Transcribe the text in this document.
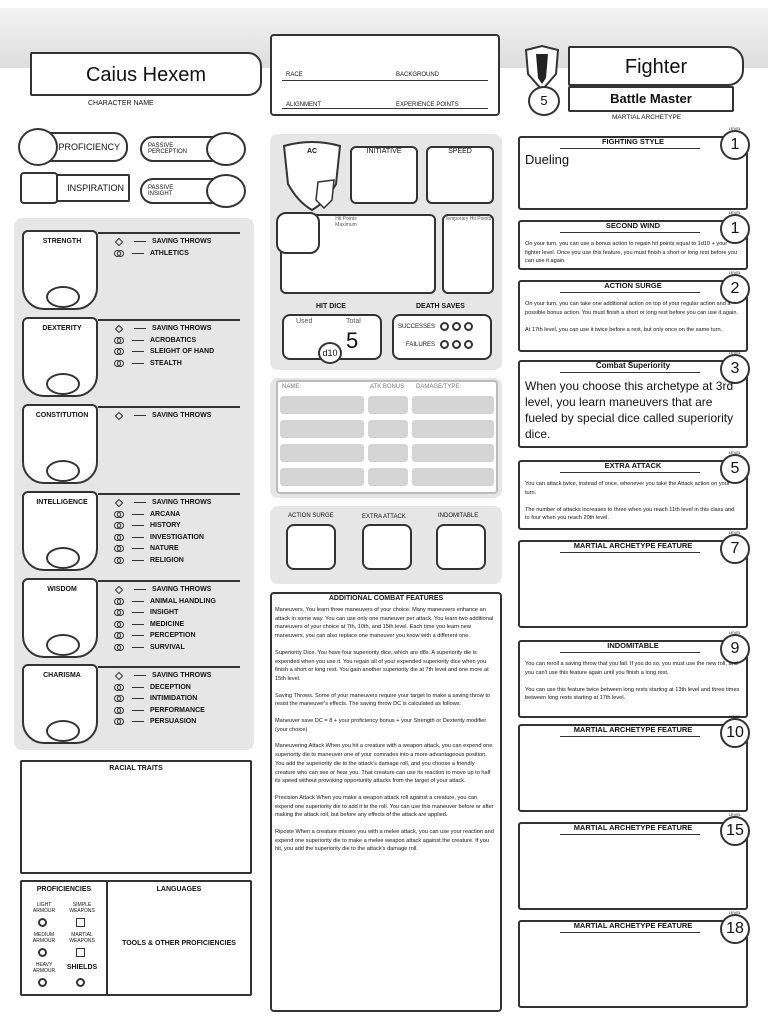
Caius Hexem
CHARACTER NAME
RACE	BACKGROUND
ALIGNMENT	EXPERIENCE POINTS
Fighter
5	Battle Master
MARTIAL ARCHETYPE
PROFICIENCY
INSPIRATION
PASSIVE PERCEPTION
PASSIVE INSIGHT
STRENGTH	SAVING THROWS
ATHLETICS
DEXTERITY	SAVING THROWS
ACROBATICS
SLEIGHT OF HAND
STEALTH
CONSTITUTION	SAVING THROWS
INTELLIGENCE	SAVING THROWS
ARCANA
HISTORY
INVESTIGATION
NATURE
RELIGION
WISDOM	SAVING THROWS
ANIMAL HANDLING
INSIGHT
MEDICINE
PERCEPTION
SURVIVAL
CHARISMA	SAVING THROWS
DECEPTION
INTIMIDATION
PERFORMANCE
PERSUASION
RACIAL TRAITS
PROFICIENCIES
LIGHT ARMOUR
SIMPLE WEAPONS
MEDIUM ARMOUR
MARTIAL WEAPONS
HEAVY ARMOUR	SHIELDS
LANGUAGES
TOOLS & OTHER PROFICIENCIES
AC	INITIATIVE	SPEED
Hit Points Maximum
Temporary Hit Points
HIT DICE	DEATH SAVES
Used	Total
5
d10
SUCCESSES
FAILURES
NAME	ATK BONUS DAMAGE/TYPE
ACTION SURGE	EXTRA ATTACK	INDOMITABLE
ADDITIONAL COMBAT FEATURES

Maneuvers. You learn three maneuvers of your choice. Many maneuvers enhance an attack in some way. You can use only one maneuver per attack. You learn two additional maneuvers of your choice at 7th, 10th, and 15th level. Each time you learn new maneuvers, you can also replace one maneuver you know with a different one.

Superiority Dice. You have four superiority dice, which are d8s. A superiority die is expended when you use it. You regain all of your expended superiority dice when you finish a short or long rest. You gain another superiority die at 7th level and one more at 15th level.

Saving Throws. Some of your maneuvers require your target to make a saving throw to resist the maneuver's effects. The saving throw DC is calculated as follows:

Maneuver save DC = 8 + your proficiency bonus + your Strength or Dexterity modifier (your choice)

Maneuvering Attack When you hit a creature with a weapon attack, you can expend one superiority die to maneuver one of your comrades into a more advantageous position. You add the superiority die to the attack's damage roll, and you choose a friendly creature who can see or hear you. That creature can use its reaction to move up to half its speed without provoking opportunity attacks from the target of your attack.

Precision Attack When you make a weapon attack roll against a creature, you can expend one superiority die to add it to the roll. You can use this maneuver before or after making the attack roll, but before any effects of the attack are applied.

Riposte When a creature misses you with a melee attack, you can use your reaction and expend one superiority die to make a melee weapon attack against the creature. If you hit, you add the superiority die to the attack's damage roll.

FIGHTING STYLE
LEVEL
1
Dueling
SECOND WIND
LEVEL
1
On your turn, you can use a bonus action to regain hit points equal to 1d10 + your fighter level. Once you use this feature, you must finish a short or long rest before you can use it again.
ACTION SURGE
LEVEL
2
On your turn, you can take one additional action on top of your regular action and a possible bonus action. You must finish a short or long rest before you can use it again.

At 17th level, you can use it twice before a rest, but only once on the same turn.
Combat Superiority
LEVEL
3
When you choose this archetype at 3rd level, you learn maneuvers that are fueled by special dice called superiority dice.
EXTRA ATTACK
LEVEL
5
You can attack twice, instead of once, whenever you take the Attack action on your turn.

The number of attacks increases to three when you reach 11th level in this class and to four when you reach 20th level.
MARTIAL ARCHETYPE FEATURE
LEVEL
7
INDOMITABLE
LEVEL
9
You can reroll a saving throw that you fail. If you do so, you must use the new roll, and you can't use this feature again until you finish a long rest.

You can use this feature twice between long rests starting at 13th level and three times between long rests starting at 17th level.
MARTIAL ARCHETYPE FEATURE
LEVEL
10
MARTIAL ARCHETYPE FEATURE
LEVEL
15
MARTIAL ARCHETYPE FEATURE
LEVEL
18
